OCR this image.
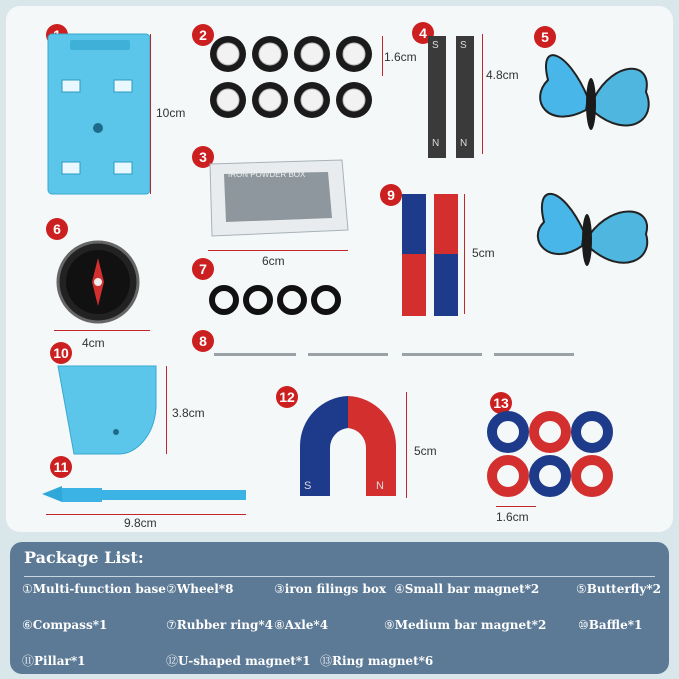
10cm
2
1.6cm
3
IRON POWDER BOX
6cm
4
S S
N N
4.8cm
5
6
4cm
7
8
9
5cm
10
3.8cm
11
9.8cm
12
S	N
5cm
13
1.6cm
Package List:
①Multi-function base ②Wheel*8	③iron filings box ④Small bar magnet*2	⑤Butterfly*2
⑥Compass*1	⑦Rubber ring*4 ⑧Axle*4	⑨Medium bar magnet*2	⑩Baffle*1
⑪Pillar*1	⑫U-shaped magnet*1 ⑬Ring magnet*6
